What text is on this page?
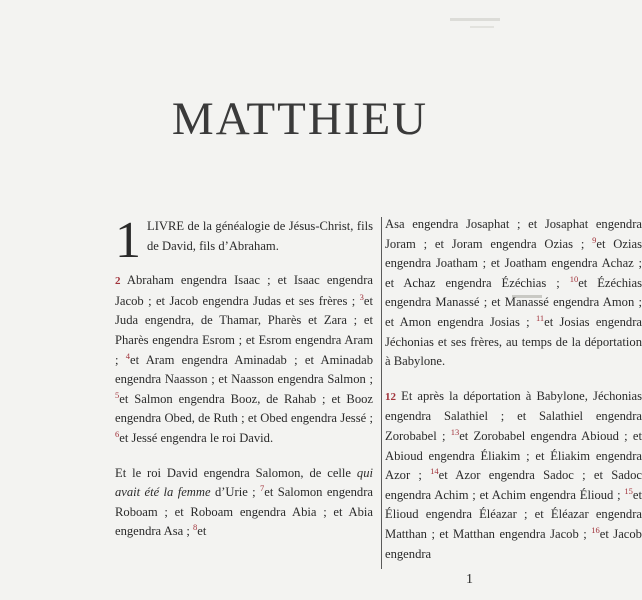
MATTHIEU
1 LIVRE de la généalogie de Jésus-Christ, fils de David, fils d’Abraham.

2 Abraham engendra Isaac ; et Isaac engendra Jacob ; et Jacob engendra Judas et ses frères ; $^3$et Juda engendra, de Thamar, Pharès et Zara ; et Pharès engendra Esrom ; et Esrom engendra Aram ; $^4$et Aram engendra Aminadab ; et Aminadab engendra Naasson ; et Naasson engendra Salmon ; $^5$et Salmon engendra Booz, de Rahab ; et Booz engendra Obed, de Ruth ; et Obed engendra Jessé ; $^6$et Jessé engendra le roi David.

Et le roi David engendra Salomon, de celle qui avait été la femme d’Urie ; $^7$et Salomon engendra Roboam ; et Roboam engendra Abia ; et Abia engendra Asa ; $^8$et

Asa engendra Josaphat ; et Josaphat engendra Joram ; et Joram engendra Ozias ; $^9$et Ozias engendra Joatham ; et Joatham engendra Achaz ; et Achaz engendra Ézéchias ; $^{10}$et Ézéchias engendra Manassé ; et Manassé engendra Amon ; et Amon engendra Josias ; $^{11}$et Josias engendra Jéchonias et ses frères, au temps de la déportation à Babylone.

12 Et après la déportation à Babylone, Jéchonias engendra Salathiel ; et Salathiel engendra Zorobabel ; $^{13}$et Zorobabel engendra Abioud ; et Abioud engendra Éliakim ; et Éliakim engendra Azor ; $^{14}$et Azor engendra Sadoc ; et Sadoc engendra Achim ; et Achim engendra Élioud ; $^{15}$et Élioud engendra Éléazar ; et Éléazar engendra Matthan ; et Matthan engendra Jacob ; $^{16}$et Jacob engendra

1
